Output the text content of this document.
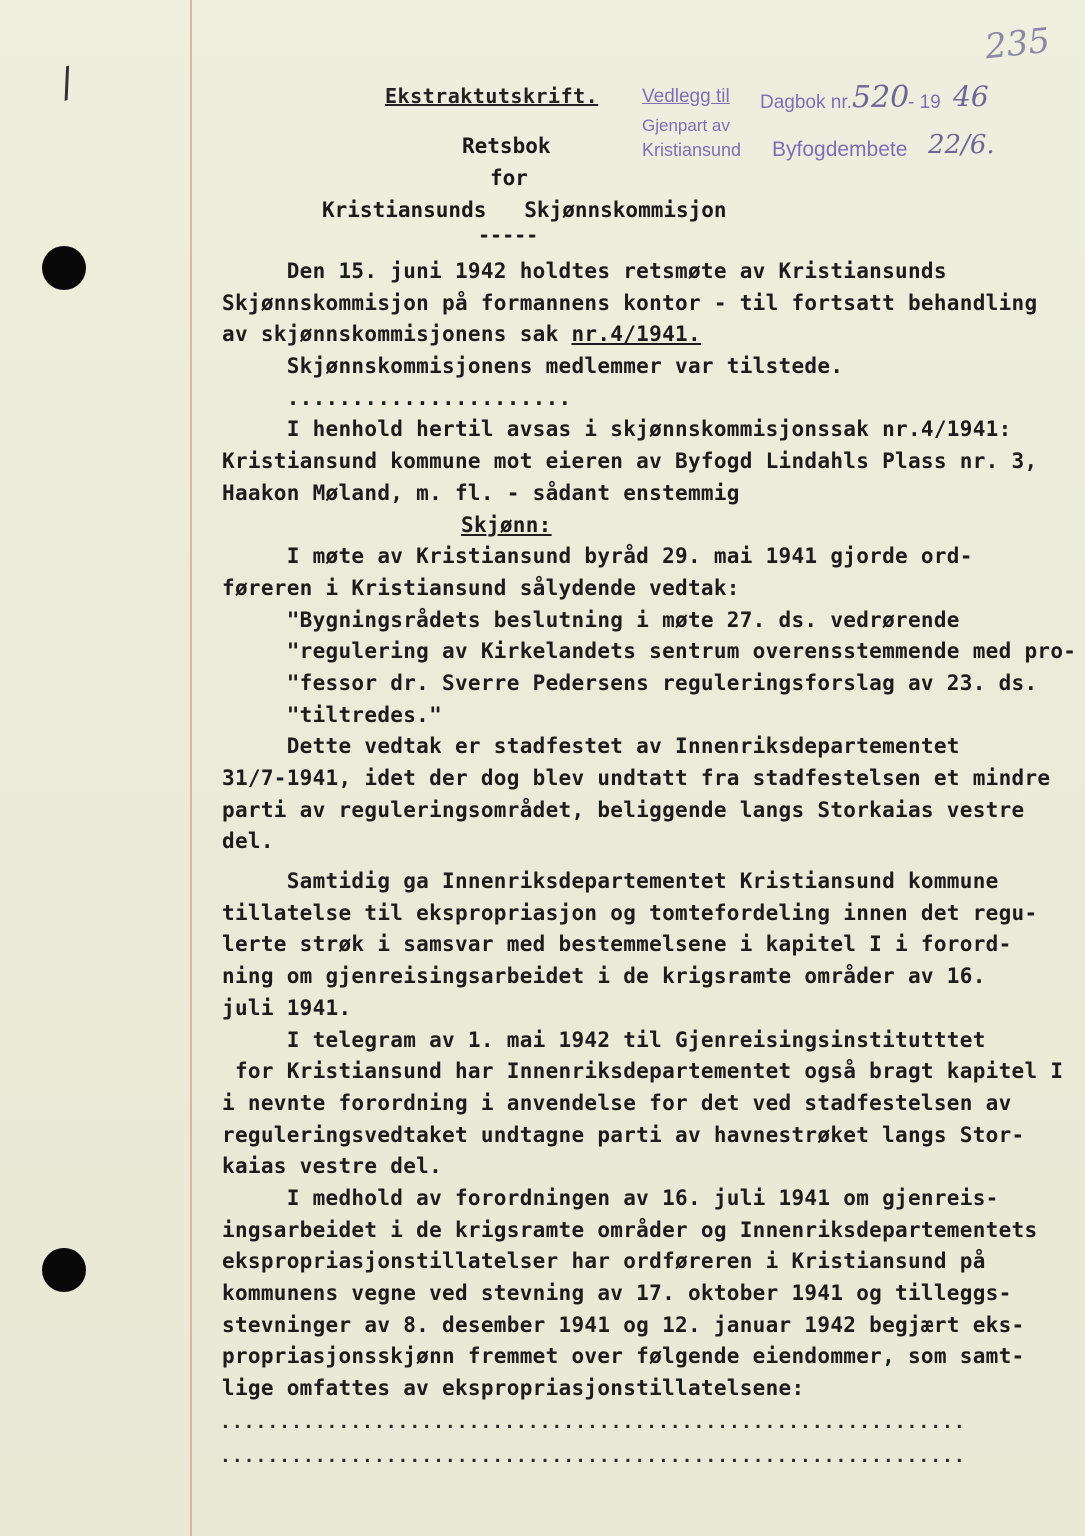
/
235
Ekstraktutskrift. Vedlegg til Dagbok nr. 520
- 19 46
Gjenpart av
Kristiansund Byfogdembete 22/6.
Retsbok
for
Kristiansunds   Skjønnskommisjon
-----
Den 15. juni 1942 holdtes retsmøte av Kristiansunds
Skjønnskommisjon på formannens kontor - til fortsatt behandling
av skjønnskommisjonens sak nr.4/1941.
Skjønnskommisjonens medlemmer var tilstede.
......................
I henhold hertil avsas i skjønnskommisjonssak nr.4/1941:
Kristiansund kommune mot eieren av Byfogd Lindahls Plass nr. 3,
Haakon Møland, m. fl. - sådant enstemmig
Skjønn:
I møte av Kristiansund byråd 29. mai 1941 gjorde ord-
føreren i Kristiansund sålydende vedtak:
"Bygningsrådets beslutning i møte 27. ds. vedrørende
"regulering av Kirkelandets sentrum overensstemmende med pro-
"fessor dr. Sverre Pedersens reguleringsforslag av 23. ds.
"tiltredes."
Dette vedtak er stadfestet av Innenriksdepartementet
31/7-1941, idet der dog blev undtatt fra stadfestelsen et mindre
parti av reguleringsområdet, beliggende langs Storkaias vestre
del.
Samtidig ga Innenriksdepartementet Kristiansund kommune
tillatelse til ekspropriasjon og tomtefordeling innen det regu-
lerte strøk i samsvar med bestemmelsene i kapitel I i forord-
ning om gjenreisingsarbeidet i de krigsramte områder av 16.
juli 1941.
I telegram av 1. mai 1942 til Gjenreisingsinstitutttet
for Kristiansund har Innenriksdepartementet også bragt kapitel I
i nevnte forordning i anvendelse for det ved stadfestelsen av
reguleringsvedtaket undtagne parti av havnestrøket langs Stor-
kaias vestre del.
I medhold av forordningen av 16. juli 1941 om gjenreis-
ingsarbeidet i de krigsramte områder og Innenriksdepartementets
ekspropriasjonstillatelser har ordføreren i Kristiansund på
kommunens vegne ved stevning av 17. oktober 1941 og tilleggs-
stevninger av 8. desember 1941 og 12. januar 1942 begjært eks-
propriasjonsskjønn fremmet over følgende eiendommer, som samt-
lige omfattes av ekspropriasjonstillatelsene:
...............................................................
...............................................................
